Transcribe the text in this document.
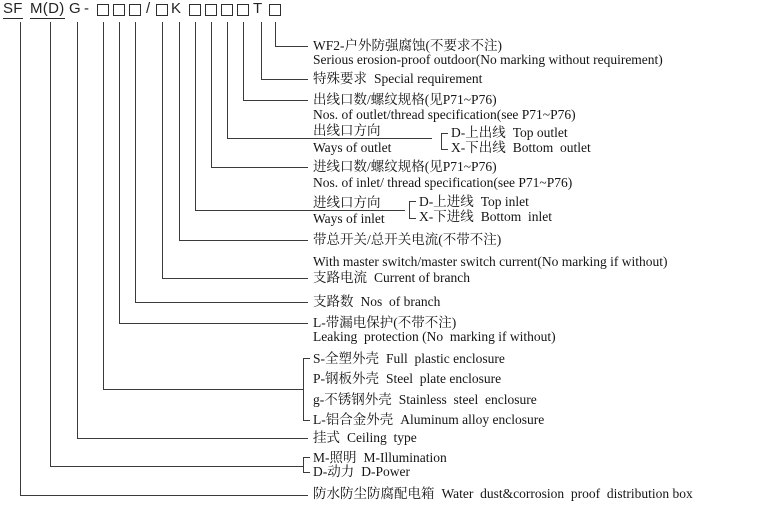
SF M(D) G -	/ K	T
WF2-户外防强腐蚀(不要求不注)
Serious erosion-proof outdoor(No marking without requirement)
特殊要求 Special requirement
出线口数/螺纹规格(见P71~P76)
Nos. of outlet/thread specification(see P71~P76)
出线口方向
Ways of outlet
D-上出线 Top outlet
X-下出线 Bottom  outlet
进线口数/螺纹规格(见P71~P76)
Nos. of inlet/ thread specification(see P71~P76)
进线口方向
Ways of inlet
D-上进线 Top inlet
X-下进线 Bottom  inlet
带总开关/总开关电流(不带不注)
With master switch/master switch current(No marking if without)
支路电流 Current of branch
支路数 Nos  of branch
L-带漏电保护(不带不注)
Leaking  protection (No  marking if without)
S-全塑外壳 Full  plastic enclosure
P-钢板外壳 Steel  plate enclosure
g-不锈钢外壳 Stainless  steel  enclosure
L-铝合金外壳 Aluminum alloy enclosure
挂式 Ceiling  type
M-照明 M-Illumination
D-动力 D-Power
防水防尘防腐配电箱 Water  dust&corrosion  proof  distribution box
